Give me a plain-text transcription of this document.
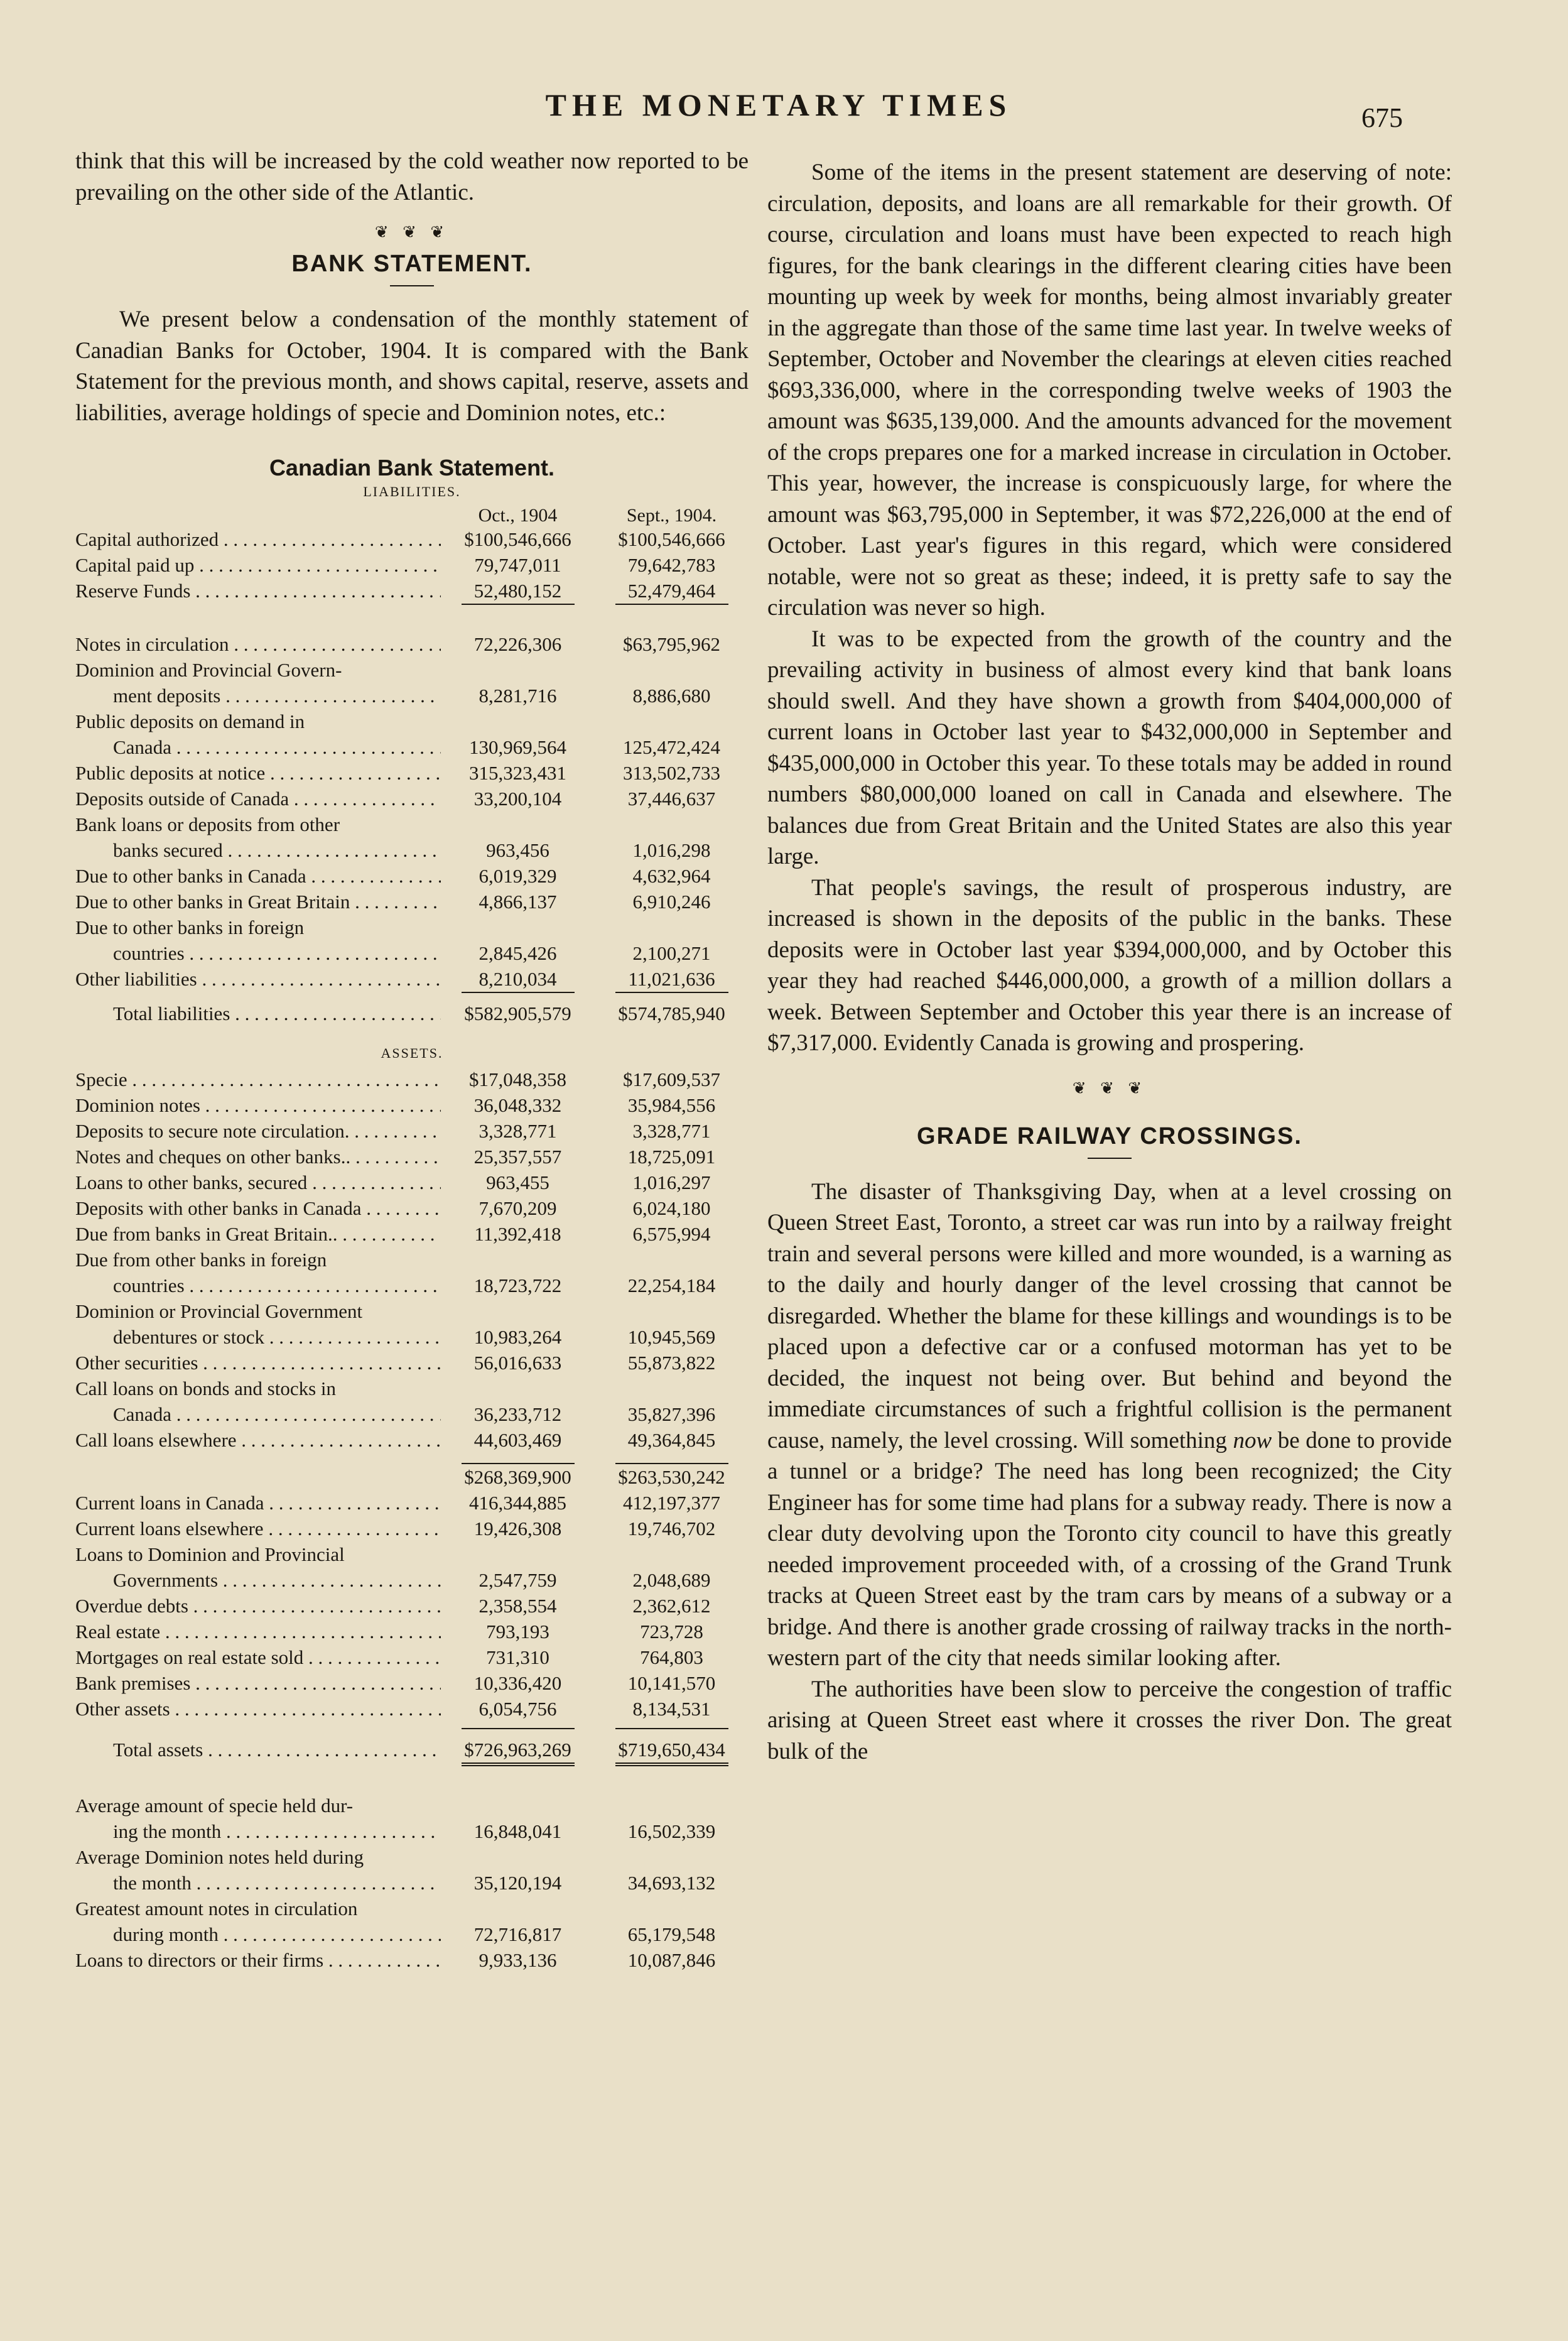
THE MONETARY TIMES	675

think that this will be increased by the cold weather now reported to be prevailing on the other side of the Atlantic.

❦ ❦ ❦
BANK STATEMENT.

We present below a condensation of the monthly statement of Canadian Banks for October, 1904. It is compared with the Bank Statement for the previous month, and shows capital, reserve, assets and liabilities, average holdings of specie and Dominion notes, etc.:

Canadian Bank Statement.
LIABILITIES.
Oct., 1904	Sept., 1904.
Capital authorized . . .	$100,546,666	$100,546,666
Capital paid up . . .	79,747,011	79,642,783
Reserve Funds . . .	52,480,152	52,479,464
Notes in circulation . . .	72,226,306	$63,795,962
Dominion and Provincial Govern-
ment deposits . . .	8,281,716	8,886,680
Public deposits on demand in
Canada . . .	130,969,564	125,472,424
Public deposits at notice . . .	315,323,431	313,502,733
Deposits outside of Canada . . .	33,200,104	37,446,637
Bank loans or deposits from other
banks secured . . .	963,456	1,016,298
Due to other banks in Canada . . .	6,019,329	4,632,964
Due to other banks in Great Britain . . .	4,866,137	6,910,246
Due to other banks in foreign
countries . . .	2,845,426	2,100,271
Other liabilities . . .	8,210,034	11,021,636
Total liabilities . . .	$582,905,579	$574,785,940
ASSETS.
Specie . . .	$17,048,358	$17,609,537
Dominion notes . . .	36,048,332	35,984,556
Deposits to secure note circulation. . . .	3,328,771	3,328,771
Notes and cheques on other banks.. . . .	25,357,557	18,725,091
Loans to other banks, secured . . .	963,455	1,016,297
Deposits with other banks in Canada . . .	7,670,209	6,024,180
Due from banks in Great Britain.. . . .	11,392,418	6,575,994
Due from other banks in foreign
countries . . .	18,723,722	22,254,184
Dominion or Provincial Government
debentures or stock . . .	10,983,264	10,945,569
Other securities . . .	56,016,633	55,873,822
Call loans on bonds and stocks in
Canada . . .	36,233,712	35,827,396
Call loans elsewhere . . .	44,603,469	49,364,845
$268,369,900	$263,530,242
Current loans in Canada . . .	416,344,885	412,197,377
Current loans elsewhere . . .	19,426,308	19,746,702
Loans to Dominion and Provincial
Governments . . .	2,547,759	2,048,689
Overdue debts . . .	2,358,554	2,362,612
Real estate . . .	793,193	723,728
Mortgages on real estate sold . . .	731,310	764,803
Bank premises . . .	10,336,420	10,141,570
Other assets . . .	6,054,756	8,134,531
Total assets . . .	$726,963,269	$719,650,434
Average amount of specie held dur-
ing the month . . .	16,848,041	16,502,339
Average Dominion notes held during
the month . . .	35,120,194	34,693,132
Greatest amount notes in circulation
during month . . .	72,716,817	65,179,548
Loans to directors or their firms . . .	9,933,136	10,087,846

Some of the items in the present statement are deserving of note: circulation, deposits, and loans are all remarkable for their growth. Of course, circulation and loans must have been expected to reach high figures, for the bank clearings in the different clearing cities have been mounting up week by week for months, being almost invariably greater in the aggregate than those of the same time last year. In twelve weeks of September, October and November the clearings at eleven cities reached $693,336,000, where in the corresponding twelve weeks of 1903 the amount was $635,139,000. And the amounts advanced for the movement of the crops prepares one for a marked increase in circulation in October. This year, however, the increase is conspicuously large, for where the amount was $63,795,000 in September, it was $72,226,000 at the end of October. Last year's figures in this regard, which were considered notable, were not so great as these; indeed, it is pretty safe to say the circulation was never so high.

It was to be expected from the growth of the country and the prevailing activity in business of almost every kind that bank loans should swell. And they have shown a growth from $404,000,000 of current loans in October last year to $432,000,000 in September and $435,000,000 in October this year. To these totals may be added in round numbers $80,000,000 loaned on call in Canada and elsewhere. The balances due from Great Britain and the United States are also this year large.

That people's savings, the result of prosperous industry, are increased is shown in the deposits of the public in the banks. These deposits were in October last year $394,000,000, and by October this year they had reached $446,000,000, a growth of a million dollars a week. Between September and October this year there is an increase of $7,317,000. Evidently Canada is growing and prospering.

❦ ❦ ❦
GRADE RAILWAY CROSSINGS.

The disaster of Thanksgiving Day, when at a level crossing on Queen Street East, Toronto, a street car was run into by a railway freight train and several persons were killed and more wounded, is a warning as to the daily and hourly danger of the level crossing that cannot be disregarded. Whether the blame for these killings and woundings is to be placed upon a defective car or a confused motorman has yet to be decided, the inquest not being over. But behind and beyond the immediate circumstances of such a frightful collision is the permanent cause, namely, the level crossing. Will something now be done to provide a tunnel or a bridge? The need has long been recognized; the City Engineer has for some time had plans for a subway ready. There is now a clear duty devolving upon the Toronto city council to have this greatly needed improvement proceeded with, of a crossing of the Grand Trunk tracks at Queen Street east by the tram cars by means of a subway or a bridge. And there is another grade crossing of railway tracks in the north-western part of the city that needs similar looking after.

The authorities have been slow to perceive the congestion of traffic arising at Queen Street east where it crosses the river Don. The great bulk of the
